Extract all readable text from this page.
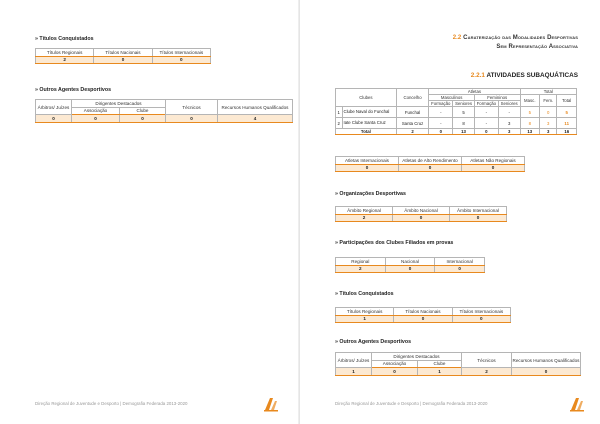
» Títulos Conquistados
Títulos Regionais	Títulos Nacionais	Títulos Internacionais
2	0	0
» Outros Agentes Desportivos
Árbitros/ Juízes	Dirigentes Destacados		Técnicos	Recursos Humanos Qualificados
	Associação	Clube		
0	0	0	0	4
Direção Regional de Juventude e Desporto | Demografia Federada 2013-2020
2.2 Caraterização das Modalidades Desportivas
Sem Representação Associativa
2.2.1 ATIVIDADES SUBAQUÁTICAS
Clubes		Concelho	Atletas				Total		
			Masculinos		Femininos		Masc.	Fem.	Total
			Formação	Seniores	Formação	Seniores			
1	Clube Naval do Funchal	Funchal	-	5	-	-	5	0	5
2	Iate Clube Santa Cruz	Santa Cruz	-	8	-	3	8	3	11
Total		2	0	13	0	3	13	3	16
Atletas Internacionais	Atletas de Alto Rendimento	Atletas Não Regionais
0	0	0
» Organizações Desportivas
Âmbito Regional	Âmbito Nacional	Âmbito Internacional
2	0	0
» Participações dos Clubes Filiados em provas
Regional	Nacional	Internacional
2	0	0
» Títulos Conquistados
Títulos Regionais	Títulos Nacionais	Títulos Internacionais
1	0	0
» Outros Agentes Desportivos
Árbitros/ Juízes	Dirigentes Destacados		Técnicos	Recursos Humanos Qualificados
	Associação	Clube		
1	0	1	2	0
Direção Regional de Juventude e Desporto | Demografia Federada 2013-2020
